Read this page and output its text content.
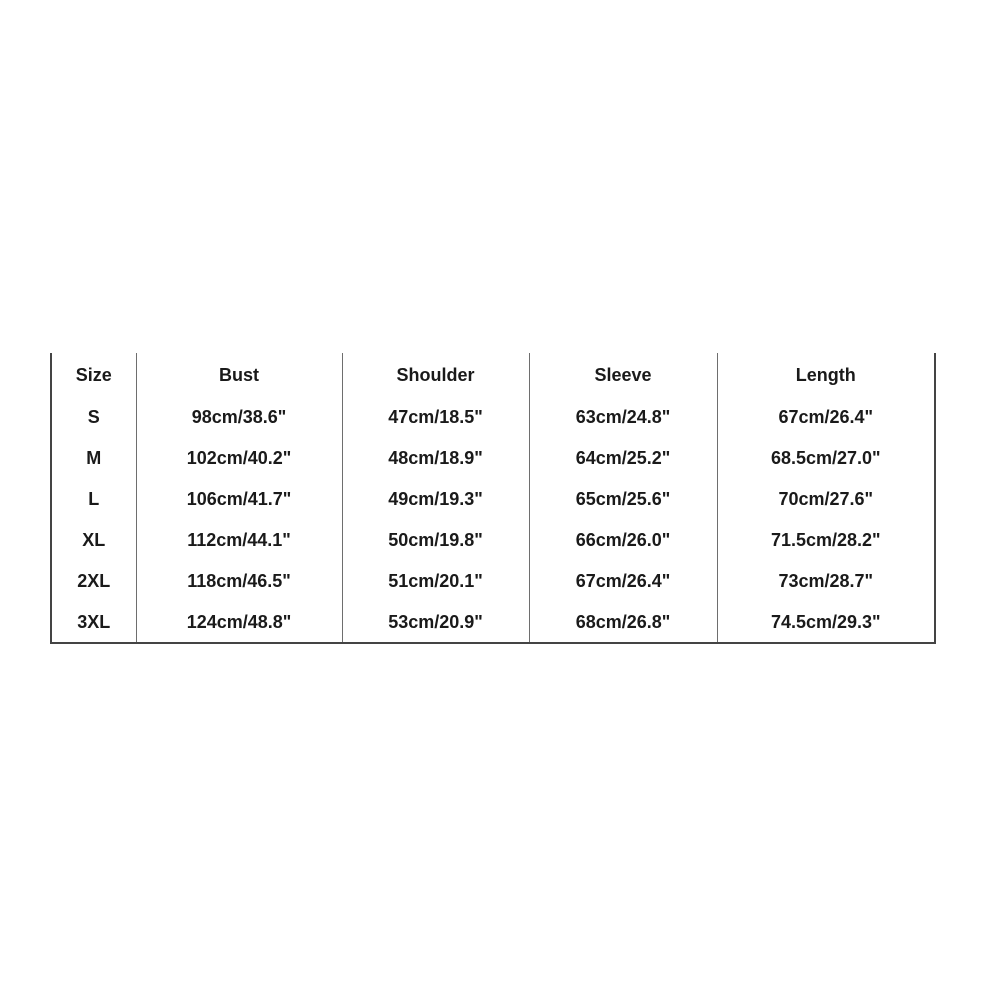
Size	Bust	Shoulder	Sleeve	Length
S	98cm/38.6"	47cm/18.5"	63cm/24.8"	67cm/26.4"
M	102cm/40.2"	48cm/18.9"	64cm/25.2"	68.5cm/27.0"
L	106cm/41.7"	49cm/19.3"	65cm/25.6"	70cm/27.6"
XL	112cm/44.1"	50cm/19.8"	66cm/26.0"	71.5cm/28.2"
2XL	118cm/46.5"	51cm/20.1"	67cm/26.4"	73cm/28.7"
3XL	124cm/48.8"	53cm/20.9"	68cm/26.8"	74.5cm/29.3"
